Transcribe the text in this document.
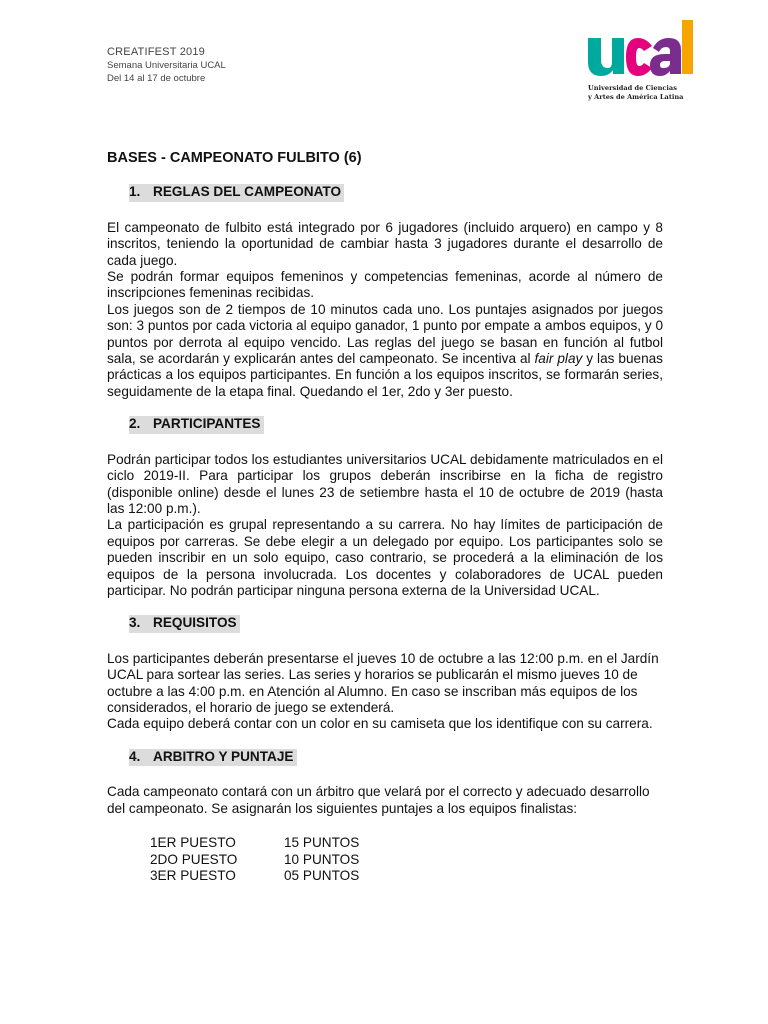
CREATIFEST 2019
Semana Universitaria UCAL
Del 14 al 17 de octubre
Universidad de Ciencias
y Artes de América Latina
BASES - CAMPEONATO FULBITO (6)
1. REGLAS DEL CAMPEONATO

El campeonato de fulbito está integrado por 6 jugadores (incluido arquero) en campo y 8 inscritos, teniendo la oportunidad de cambiar hasta 3 jugadores durante el desarrollo de cada juego.

Se podrán formar equipos femeninos y competencias femeninas, acorde al número de inscripciones femeninas recibidas.

Los juegos son de 2 tiempos de 10 minutos cada uno. Los puntajes asignados por juegos son: 3 puntos por cada victoria al equipo ganador, 1 punto por empate a ambos equipos, y 0 puntos por derrota al equipo vencido. Las reglas del juego se basan en función al futbol sala, se acordarán y explicarán antes del campeonato. Se incentiva al fair play y las buenas prácticas a los equipos participantes. En función a los equipos inscritos, se formarán series, seguidamente de la etapa final. Quedando el 1er, 2do y 3er puesto.

2. PARTICIPANTES

Podrán participar todos los estudiantes universitarios UCAL debidamente matriculados en el ciclo 2019-II. Para participar los grupos deberán inscribirse en la ficha de registro (disponible online) desde el lunes 23 de setiembre hasta el 10 de octubre de 2019 (hasta las 12:00 p.m.).

La participación es grupal representando a su carrera. No hay límites de participación de equipos por carreras. Se debe elegir a un delegado por equipo. Los participantes solo se pueden inscribir en un solo equipo, caso contrario, se procederá a la eliminación de los equipos de la persona involucrada. Los docentes y colaboradores de UCAL pueden participar. No podrán participar ninguna persona externa de la Universidad UCAL.

3. REQUISITOS

Los participantes deberán presentarse el jueves 10 de octubre a las 12:00 p.m. en el Jardín UCAL para sortear las series. Las series y horarios se publicarán el mismo jueves 10 de octubre a las 4:00 p.m. en Atención al Alumno. En caso se inscriban más equipos de los considerados, el horario de juego se extenderá.

Cada equipo deberá contar con un color en su camiseta que los identifique con su carrera.

4. ARBITRO Y PUNTAJE

Cada campeonato contará con un árbitro que velará por el correcto y adecuado desarrollo del campeonato. Se asignarán los siguientes puntajes a los equipos finalistas:

1ER PUESTO	15 PUNTOS
2DO PUESTO	10 PUNTOS
3ER PUESTO	05 PUNTOS
